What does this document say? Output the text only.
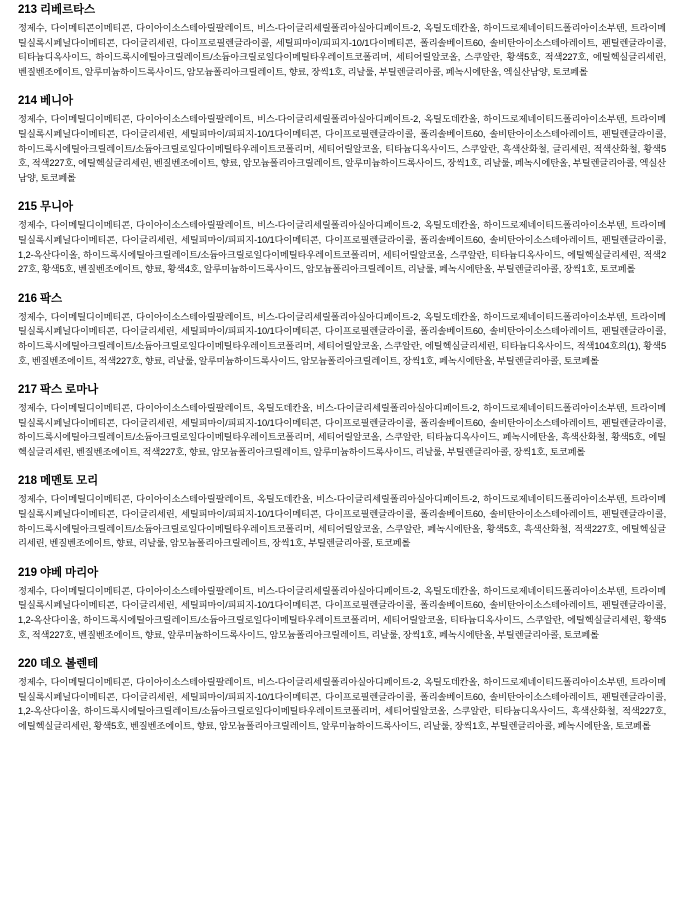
213 리베르타스
정제수, 다이메티콘이메티콘, 다이아이소스테아릴팔레이트, 비스-다이글리세릴폴리아실아디페이트-2, 옥틸도데칸올, 하이드로제네이티드폴리아이소부텐, 트라이메틸실록시페닐다이메티콘, 다이글리세린, 다이프로필렌글라이콜, 세틸피마이/피피지-10/1다이메티콘, 폴리솔베이트60, 솔비탄아이소스테아레이트, 펜틸렌글라이콜, 티타늄디옥사이드, 하이드록시에틸아크릴레이트/소듐아크릴로일다이메틸타우레이트코폴리머, 세티어릴알코올, 스쿠알란, 황색5호, 적색227호, 에틸헥실글리세린, 벤질벤조에이트, 알루미늄하이드록사이드, 암모늄폴리아크릴레이트, 향료, 장씩1호, 리날룰, 부틸렌글리아콜, 페녹시에탄올, 엑실산남양, 토코페롤
214 베니아
정제수, 다이메틸디이메티콘, 다이아이소스테아릴팔레이트, 비스-다이글리세릴폴리아실아디페이트-2, 옥틸도데칸올, 하이드로제네이티드폴리아이소부텐, 트라이메틸실록시페닐다이메티콘, 다이글리세린, 세틸피마이/피피지-10/1다이메티콘, 다이프로필렌글라이콜, 폴리솔베이트60, 솔비탄아이소스테아레이트, 펜틸렌글라이콜, 하이드록시에틸아크릴레이트/소듐아크릴로일다이메틸타우레이트코폴리머, 세티어릴알코올, 티타늄디옥사이드, 스쿠알란, 흑색산화철, 글리세린, 적색산화철, 황색5호, 적색227호, 에틸헥실글리세린, 벤질벤조에이트, 향료, 암모늄폴리아크릴레이트, 알루미늄하이드록사이드, 장씩1호, 리날룰, 페녹시에탄올, 부틸렌글리아콜, 엑실산남양, 토코페롤
215 무니아
정제수, 다이메틸디이메티콘, 다이아이소스테아릴팔레이트, 비스-다이글리세릴폴리아실아디페이트-2, 옥틸도데칸올, 하이드로제네이티드폴리아이소부텐, 트라이메틸실록시페닐다이메티콘, 다이글리세린, 세틸피마이/피피지-10/1다이메티콘, 다이프로필렌글라이콜, 폴리솔베이트60, 솔비탄아이소스테아레이트, 펜틸렌글라이콜, 1,2-옥산다이올, 하이드록시에틸아크릴레이트/소듐아크릴로일다이메틸타우레이트코폴리머, 세티어릴알코올, 스쿠알란, 티타늄디옥사이드, 에틸헥실글리세린, 적색227호, 황색5호, 벤질벤조에이트, 향료, 황색4호, 알루미늄하이드록사이드, 암모늄폴리아크릴레이트, 리날룰, 페녹시에탄올, 부틸렌글리아콜, 장씩1호, 토코페롤
216 팍스
정제수, 다이메틸디이메티콘, 다이아이소스테아릴팔레이트, 비스-다이글리세릴폴리아실아디페이트-2, 옥틸도데칸올, 하이드로제네이티드폴리아이소부텐, 트라이메틸실록시페닐다이메티콘, 다이글리세린, 세틸피마이/피피지-10/1다이메티콘, 다이프로필렌글라이콜, 폴리솔베이트60, 솔비탄아이소스테아레이트, 펜틸렌글라이콜, 하이드록시에틸아크릴레이트/소듐아크릴로일다이메틸타우레이트코폴리머, 세티어릴알코올, 스쿠알란, 에틸헥실글리세린, 티타늄디옥사이드, 적색104호의(1), 황색5호, 벤질벤조에이트, 적색227호, 향료, 리날룰, 알루미늄하이드록사이드, 암모늄폴리아크릴레이트, 장씩1호, 페녹시에탄올, 부틸렌글리아콜, 토코페롤
217 팍스 로마나
정제수, 다이메틸디이메티콘, 다이아이소스테아릴팔레이트, 옥틸도데칸올, 비스-다이글리세릴폴리아실아디페이트-2, 하이드로제네이티드폴리아이소부텐, 트라이메틸실록시페닐다이메티콘, 다이글리세린, 세틸피마이/피피지-10/1다이메티콘, 다이프로필렌글라이콜, 폴리솔베이트60, 솔비탄아이소스테아레이트, 펜틸렌글라이콜, 하이드록시에틸아크릴레이트/소듐아크릴로일다이메틸타우레이트코폴리머, 세티어릴알코올, 스쿠알란, 티타늄디옥사이드, 페녹시에탄올, 흑색산화철, 황색5호, 에틸헥실글리세린, 벤질벤조에이트, 적색227호, 향료, 암모늄폴리아크릴레이트, 알루미늄하이드록사이드, 리날룰, 부틸렌글리아콜, 장씩1호, 토코페롤
218 메멘토 모리
정제수, 다이메틸디이메티콘, 다이아이소스테아릴팔레이트, 옥틸도데칸올, 비스-다이글리세릴폴리아실아디페이트-2, 하이드로제네이티드폴리아이소부텐, 트라이메틸실록시페닐다이메티콘, 다이글리세린, 세틸피마이/피피지-10/1다이메티콘, 다이프로필렌글라이콜, 폴리솔베이트60, 솔비탄아이소스테아레이트, 펜틸렌글라이콜, 하이드록시에틸아크릴레이트/소듐아크릴로일다이메틸타우레이트코폴리머, 세티어릴알코올, 스쿠알란, 페녹시에탄올, 황색5호, 흑색산화철, 적색227호, 에틸헥실글리세린, 벤질벤조에이트, 향료, 리날룰, 암모늄폴리아크릴레이트, 장씩1호, 부틸렌글리아콜, 토코페롤
219 야베 마리아
정제수, 다이메틸디이메티콘, 다이아이소스테아릴팔레이트, 비스-다이글리세릴폴리아실아디페이트-2, 옥틸도데칸올, 하이드로제네이티드폴리아이소부텐, 트라이메틸실록시페닐다이메티콘, 다이글리세린, 세틸피마이/피피지-10/1다이메티콘, 다이프로필렌글라이콜, 폴리솔베이트60, 솔비탄아이소스테아레이트, 펜틸렌글라이콜, 1,2-옥산다이올, 하이드록시에틸아크릴레이트/소듐아크릴로일다이메틸타우레이트코폴리머, 세티어릴알코올, 티타늄디옥사이드, 스쿠알란, 에틸헥실글리세린, 황색5호, 적색227호, 벤질벤조에이트, 향료, 알루미늄하이드록사이드, 암모늄폴리아크릴레이트, 리날룰, 장씩1호, 페녹시에탄올, 부틸렌글리아콜, 토코페롤
220 데오 볼렌테
정제수, 다이메틸디이메티콘, 다이아이소스테아릴팔레이트, 비스-다이글리세릴폴리아실아디페이트-2, 옥틸도데칸올, 하이드로제네이티드폴리아이소부텐, 트라이메틸실록시페닐다이메티콘, 다이글리세린, 세틸피마이/피피지-10/1다이메티콘, 다이프로필렌글라이콜, 폴리솔베이트60, 솔비탄아이소스테아레이트, 펜틸렌글라이콜, 1,2-옥산다이올, 하이드록시에틸아크릴레이트/소듐아크릴로일다이메틸타우레이트코폴리머, 세티어릴알코올, 스쿠알란, 티타늄디옥사이드, 흑색산화철, 적색227호, 에틸헥실글리세린, 황색5호, 벤질벤조에이트, 향료, 암모늄폴리아크릴레이트, 알루미늄하이드록사이드, 리날룰, 장씩1호, 부틸렌글리아콜, 페녹시에탄올, 토코페롤
